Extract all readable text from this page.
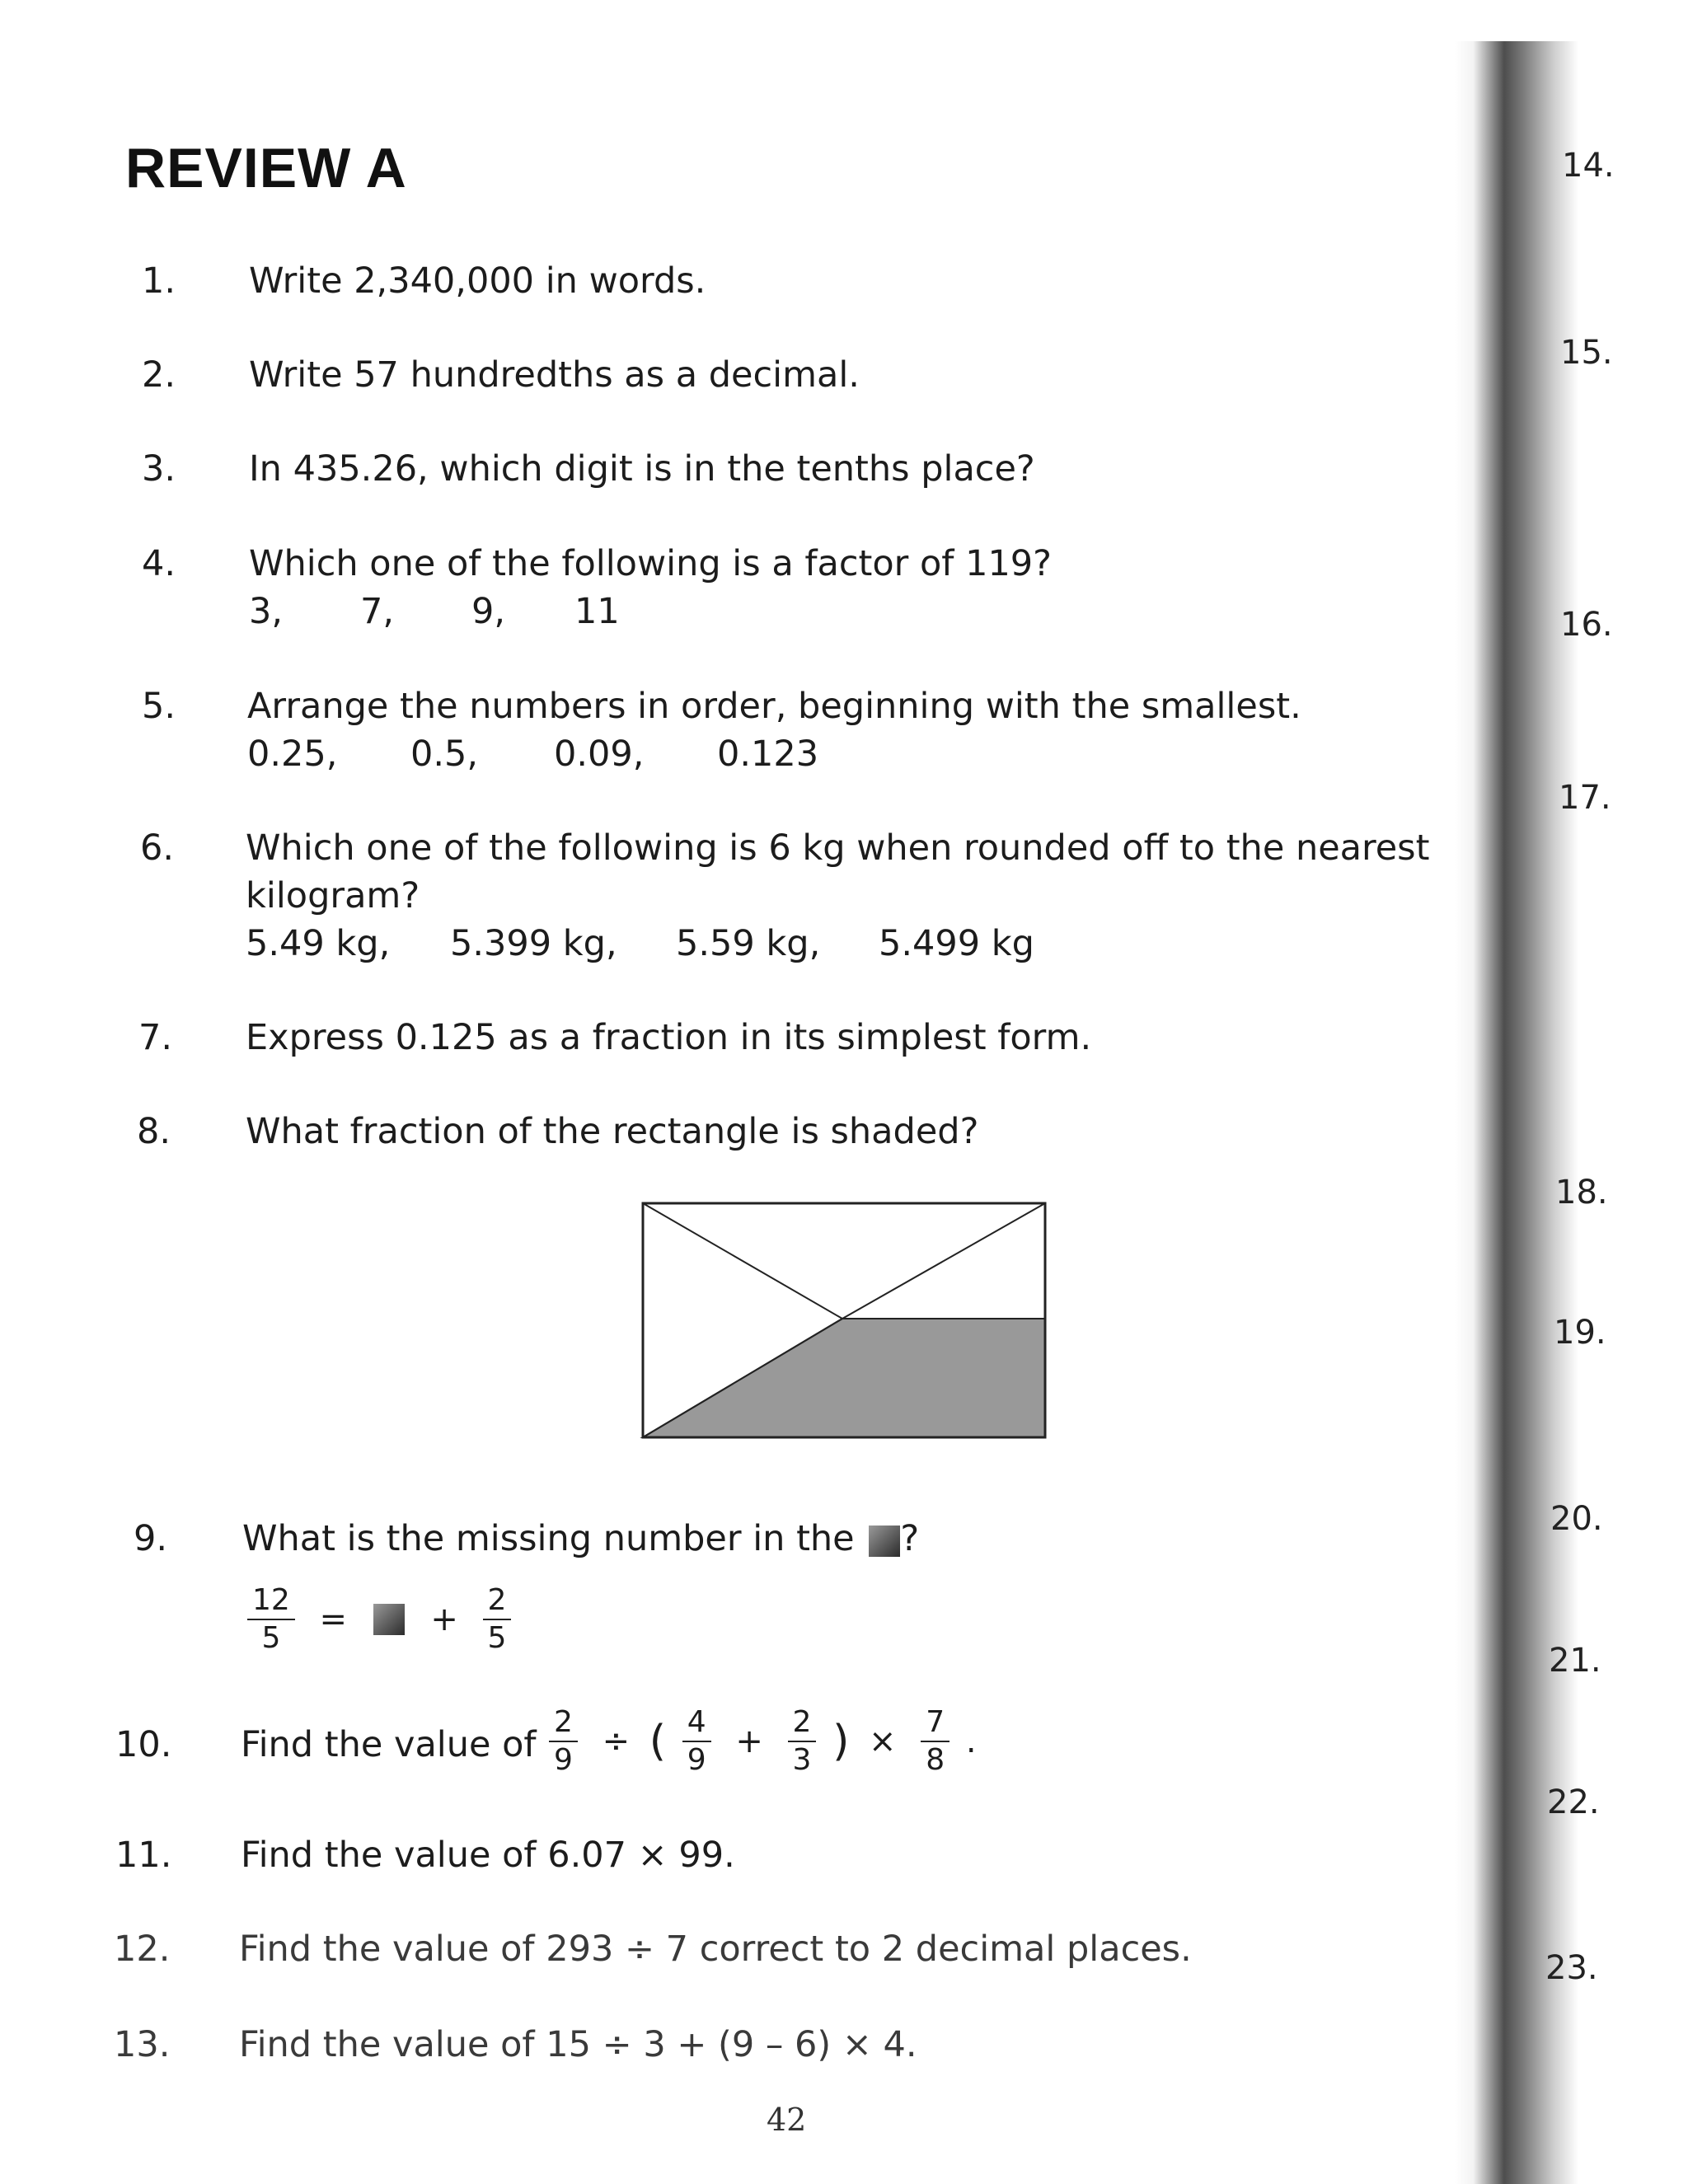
REVIEW A
1.	Write 2,340,000 in words.
2.	Write 57 hundredths as a decimal.
3.	In 435.26, which digit is in the tenths place?
4.	Which one of the following is a factor of 119?
3, 7, 9, 11
5.	Arrange the numbers in order, beginning with the smallest.
0.25, 0.5, 0.09, 0.123
6.	Which one of the following is 6 kg when rounded off to the nearest
kilogram?
5.49 kg, 5.399 kg, 5.59 kg, 5.499 kg
7.	Express 0.125 as a fraction in its simplest form.
8.	What fraction of the rectangle is shaded?
9.	What is the missing number in the ?
$\frac{12}{5}$ =	+ $\frac{2}{5}$
10.	Find the value of $\frac{2}{9}$ ÷ ( $\frac{4}{9} + \frac{2}{3}$ ) × $\frac{7}{8}$ .
11.	Find the value of 6.07 × 99.
12.	Find the value of 293 ÷ 7 correct to 2 decimal places.
13.	Find the value of 15 ÷ 3 + (9 – 6) × 4.
42
14.
15.
16.
17.
18.
19.
20.
21.
22.
23.
